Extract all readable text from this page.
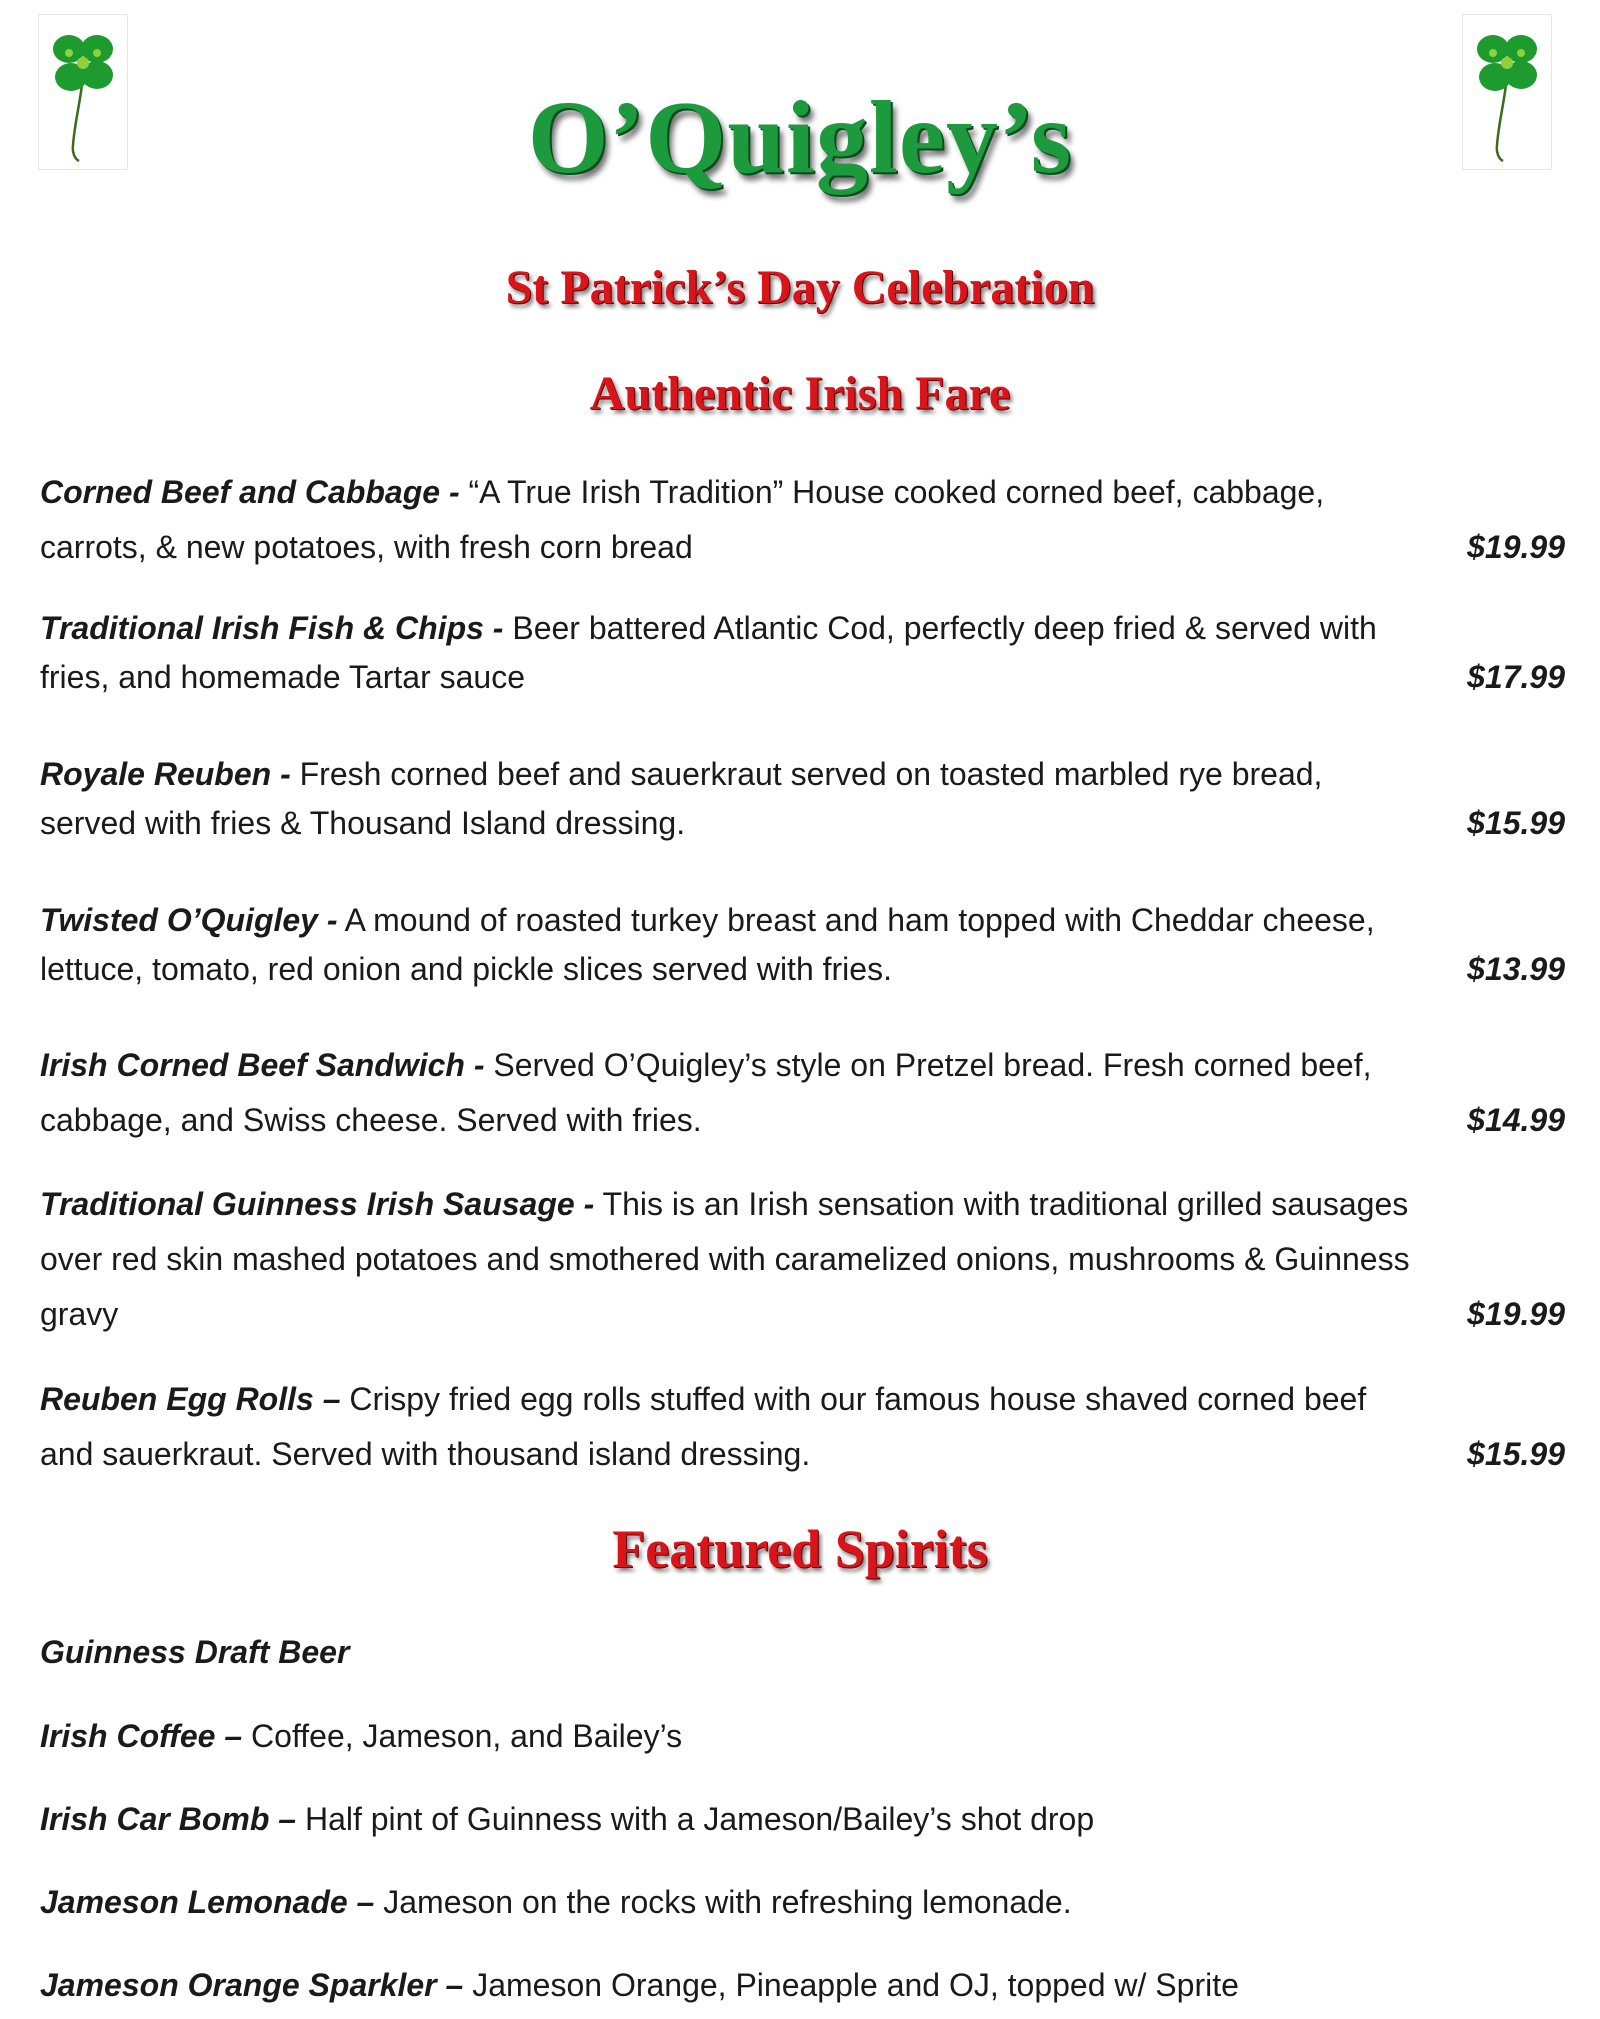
O’Quigley’s
St Patrick’s Day Celebration
Authentic Irish Fare
Corned Beef and Cabbage - “A True Irish Tradition” House cooked corned beef, cabbage, carrots, & new potatoes, with fresh corn bread	$19.99
Traditional Irish Fish & Chips - Beer battered Atlantic Cod, perfectly deep fried & served with fries, and homemade Tartar sauce	$17.99
Royale Reuben - Fresh corned beef and sauerkraut served on toasted marbled rye bread, served with fries & Thousand Island dressing.	$15.99
Twisted O’Quigley - A mound of roasted turkey breast and ham topped with Cheddar cheese, lettuce, tomato, red onion and pickle slices served with fries.	$13.99
Irish Corned Beef Sandwich - Served O’Quigley’s style on Pretzel bread. Fresh corned beef, cabbage, and Swiss cheese. Served with fries.	$14.99
Traditional Guinness Irish Sausage - This is an Irish sensation with traditional grilled sausages over red skin mashed potatoes and smothered with caramelized onions, mushrooms & Guinness gravy	$19.99
Reuben Egg Rolls – Crispy fried egg rolls stuffed with our famous house shaved corned beef and sauerkraut. Served with thousand island dressing.	$15.99
Featured Spirits
Guinness Draft Beer
Irish Coffee – Coffee, Jameson, and Bailey’s
Irish Car Bomb – Half pint of Guinness with a Jameson/Bailey’s shot drop
Jameson Lemonade – Jameson on the rocks with refreshing lemonade.
Jameson Orange Sparkler – Jameson Orange, Pineapple and OJ, topped w/ Sprite
